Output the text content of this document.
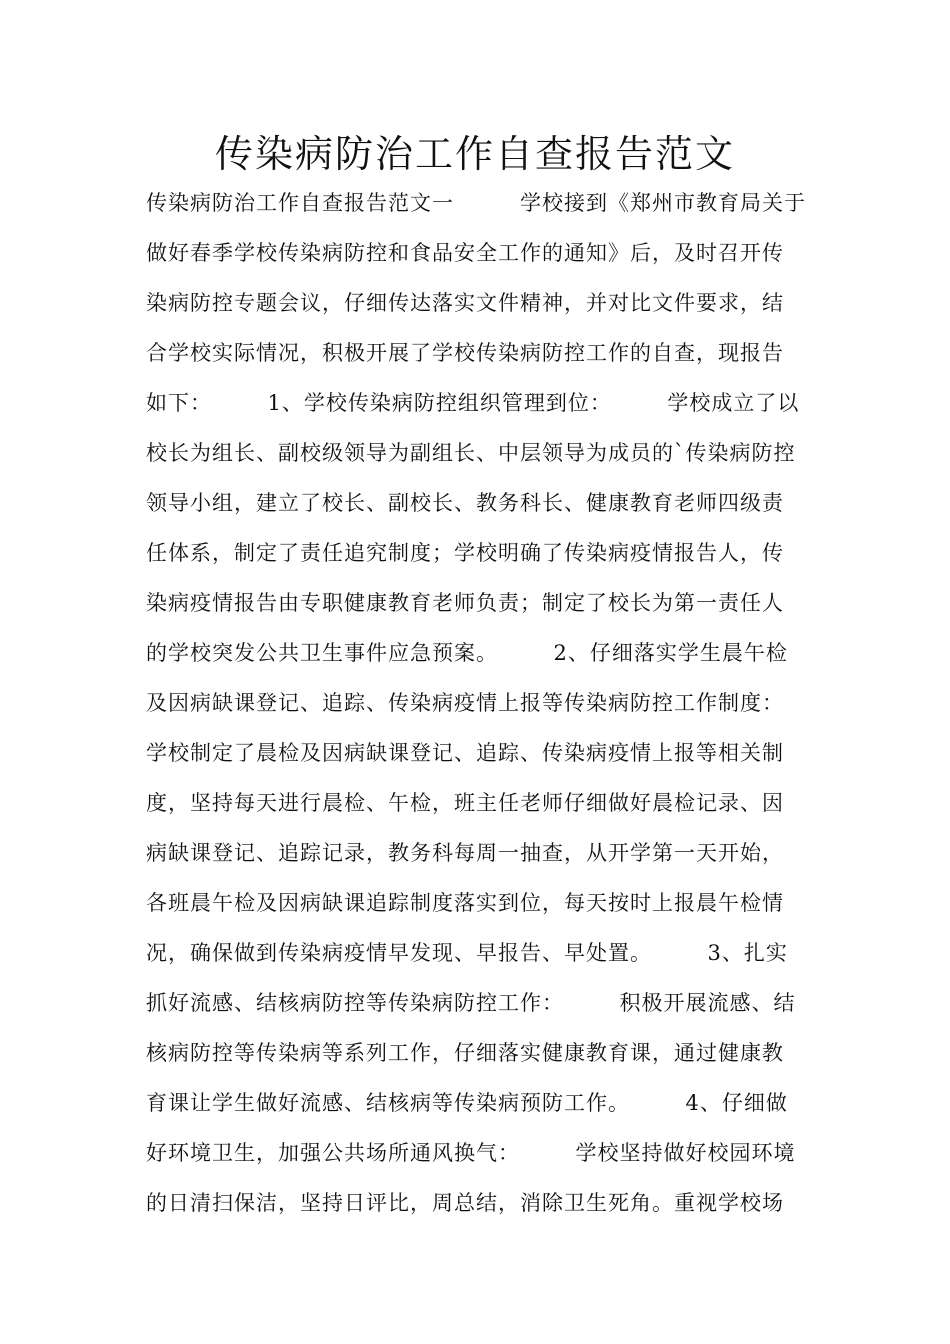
传染病防治工作自查报告范文
传染病防治工作自查报告范文一　　　学校接到《郑州市教育局关于
做好春季学校传染病防控和食品安全工作的通知》后，及时召开传
染病防控专题会议，仔细传达落实文件精神，并对比文件要求，结
合学校实际情况，积极开展了学校传染病防控工作的自查，现报告
如下：　　　1、学校传染病防控组织管理到位：　　　学校成立了以
校长为组长、副校级领导为副组长、中层领导为成员的`传染病防控
领导小组，建立了校长、副校长、教务科长、健康教育老师四级责
任体系，制定了责任追究制度；学校明确了传染病疫情报告人，传
染病疫情报告由专职健康教育老师负责；制定了校长为第一责任人
的学校突发公共卫生事件应急预案。　　　2、仔细落实学生晨午检
及因病缺课登记、追踪、传染病疫情上报等传染病防控工作制度：
学校制定了晨检及因病缺课登记、追踪、传染病疫情上报等相关制
度，坚持每天进行晨检、午检，班主任老师仔细做好晨检记录、因
病缺课登记、追踪记录，教务科每周一抽查，从开学第一天开始，
各班晨午检及因病缺课追踪制度落实到位，每天按时上报晨午检情
况，确保做到传染病疫情早发现、早报告、早处置。　　　3、扎实
抓好流感、结核病防控等传染病防控工作：　　　积极开展流感、结
核病防控等传染病等系列工作，仔细落实健康教育课，通过健康教
育课让学生做好流感、结核病等传染病预防工作。　　　4、仔细做
好环境卫生，加强公共场所通风换气：　　　学校坚持做好校园环境
的日清扫保洁，坚持日评比，周总结，消除卫生死角。重视学校场
